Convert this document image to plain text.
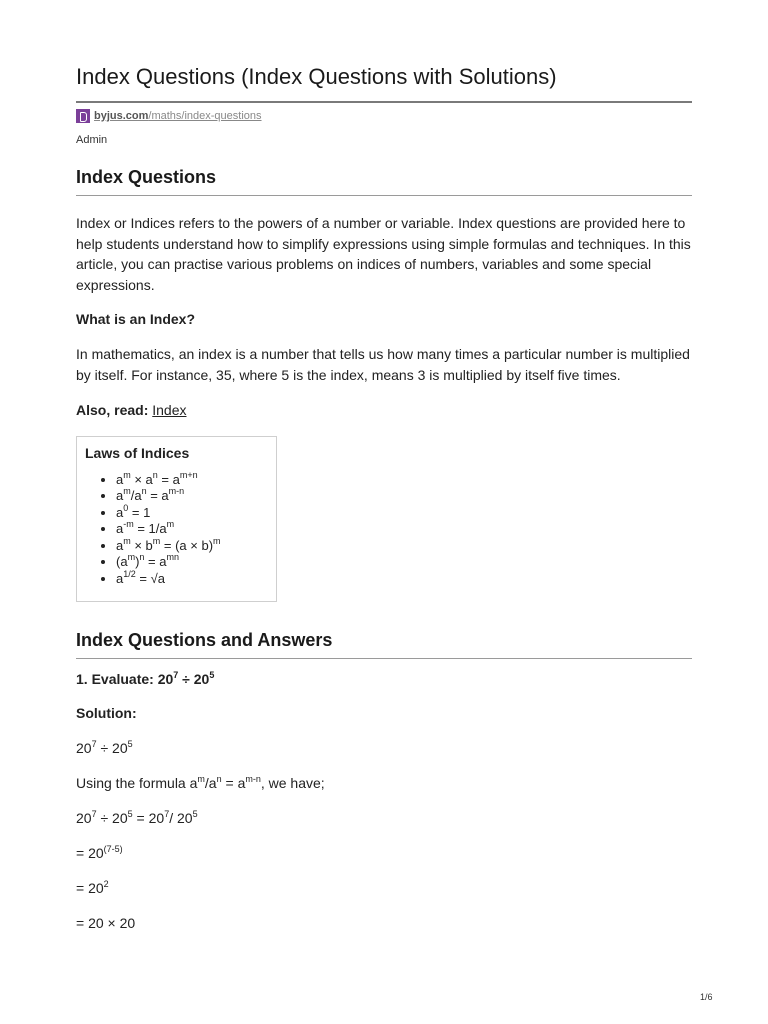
Index Questions (Index Questions with Solutions)
byjus.com/maths/index-questions
Admin
Index Questions

Index or Indices refers to the powers of a number or variable. Index questions are provided here to help students understand how to simplify expressions using simple formulas and techniques. In this article, you can practise various problems on indices of numbers, variables and some special expressions.

What is an Index?

In mathematics, an index is a number that tells us how many times a particular number is multiplied by itself. For instance, 35, where 5 is the index, means 3 is multiplied by itself five times.

Also, read: Index

Laws of Indices
• $a^m \times a^n = a^{m+n}$
• $a^m/a^n = a^{m-n}$
• $a^0 = 1$
• $a^{-m} = 1/a^m$
• $a^m \times b^m = (a \times b)^m$
• $(a^m)^n = a^{mn}$
• $a^{1/2} = √a$
Index Questions and Answers
1. Evaluate: $20^7 \div 20^5$
Solution:
$20^7 \div 20^5$
Using the formula $a^m/a^n = a^{m-n}$, we have;
$20^7 \div 20^5 = 20^7/$ $20^5$
= $20^{(7-5)}$
= $20^2$
= 20 × 20
1/6
